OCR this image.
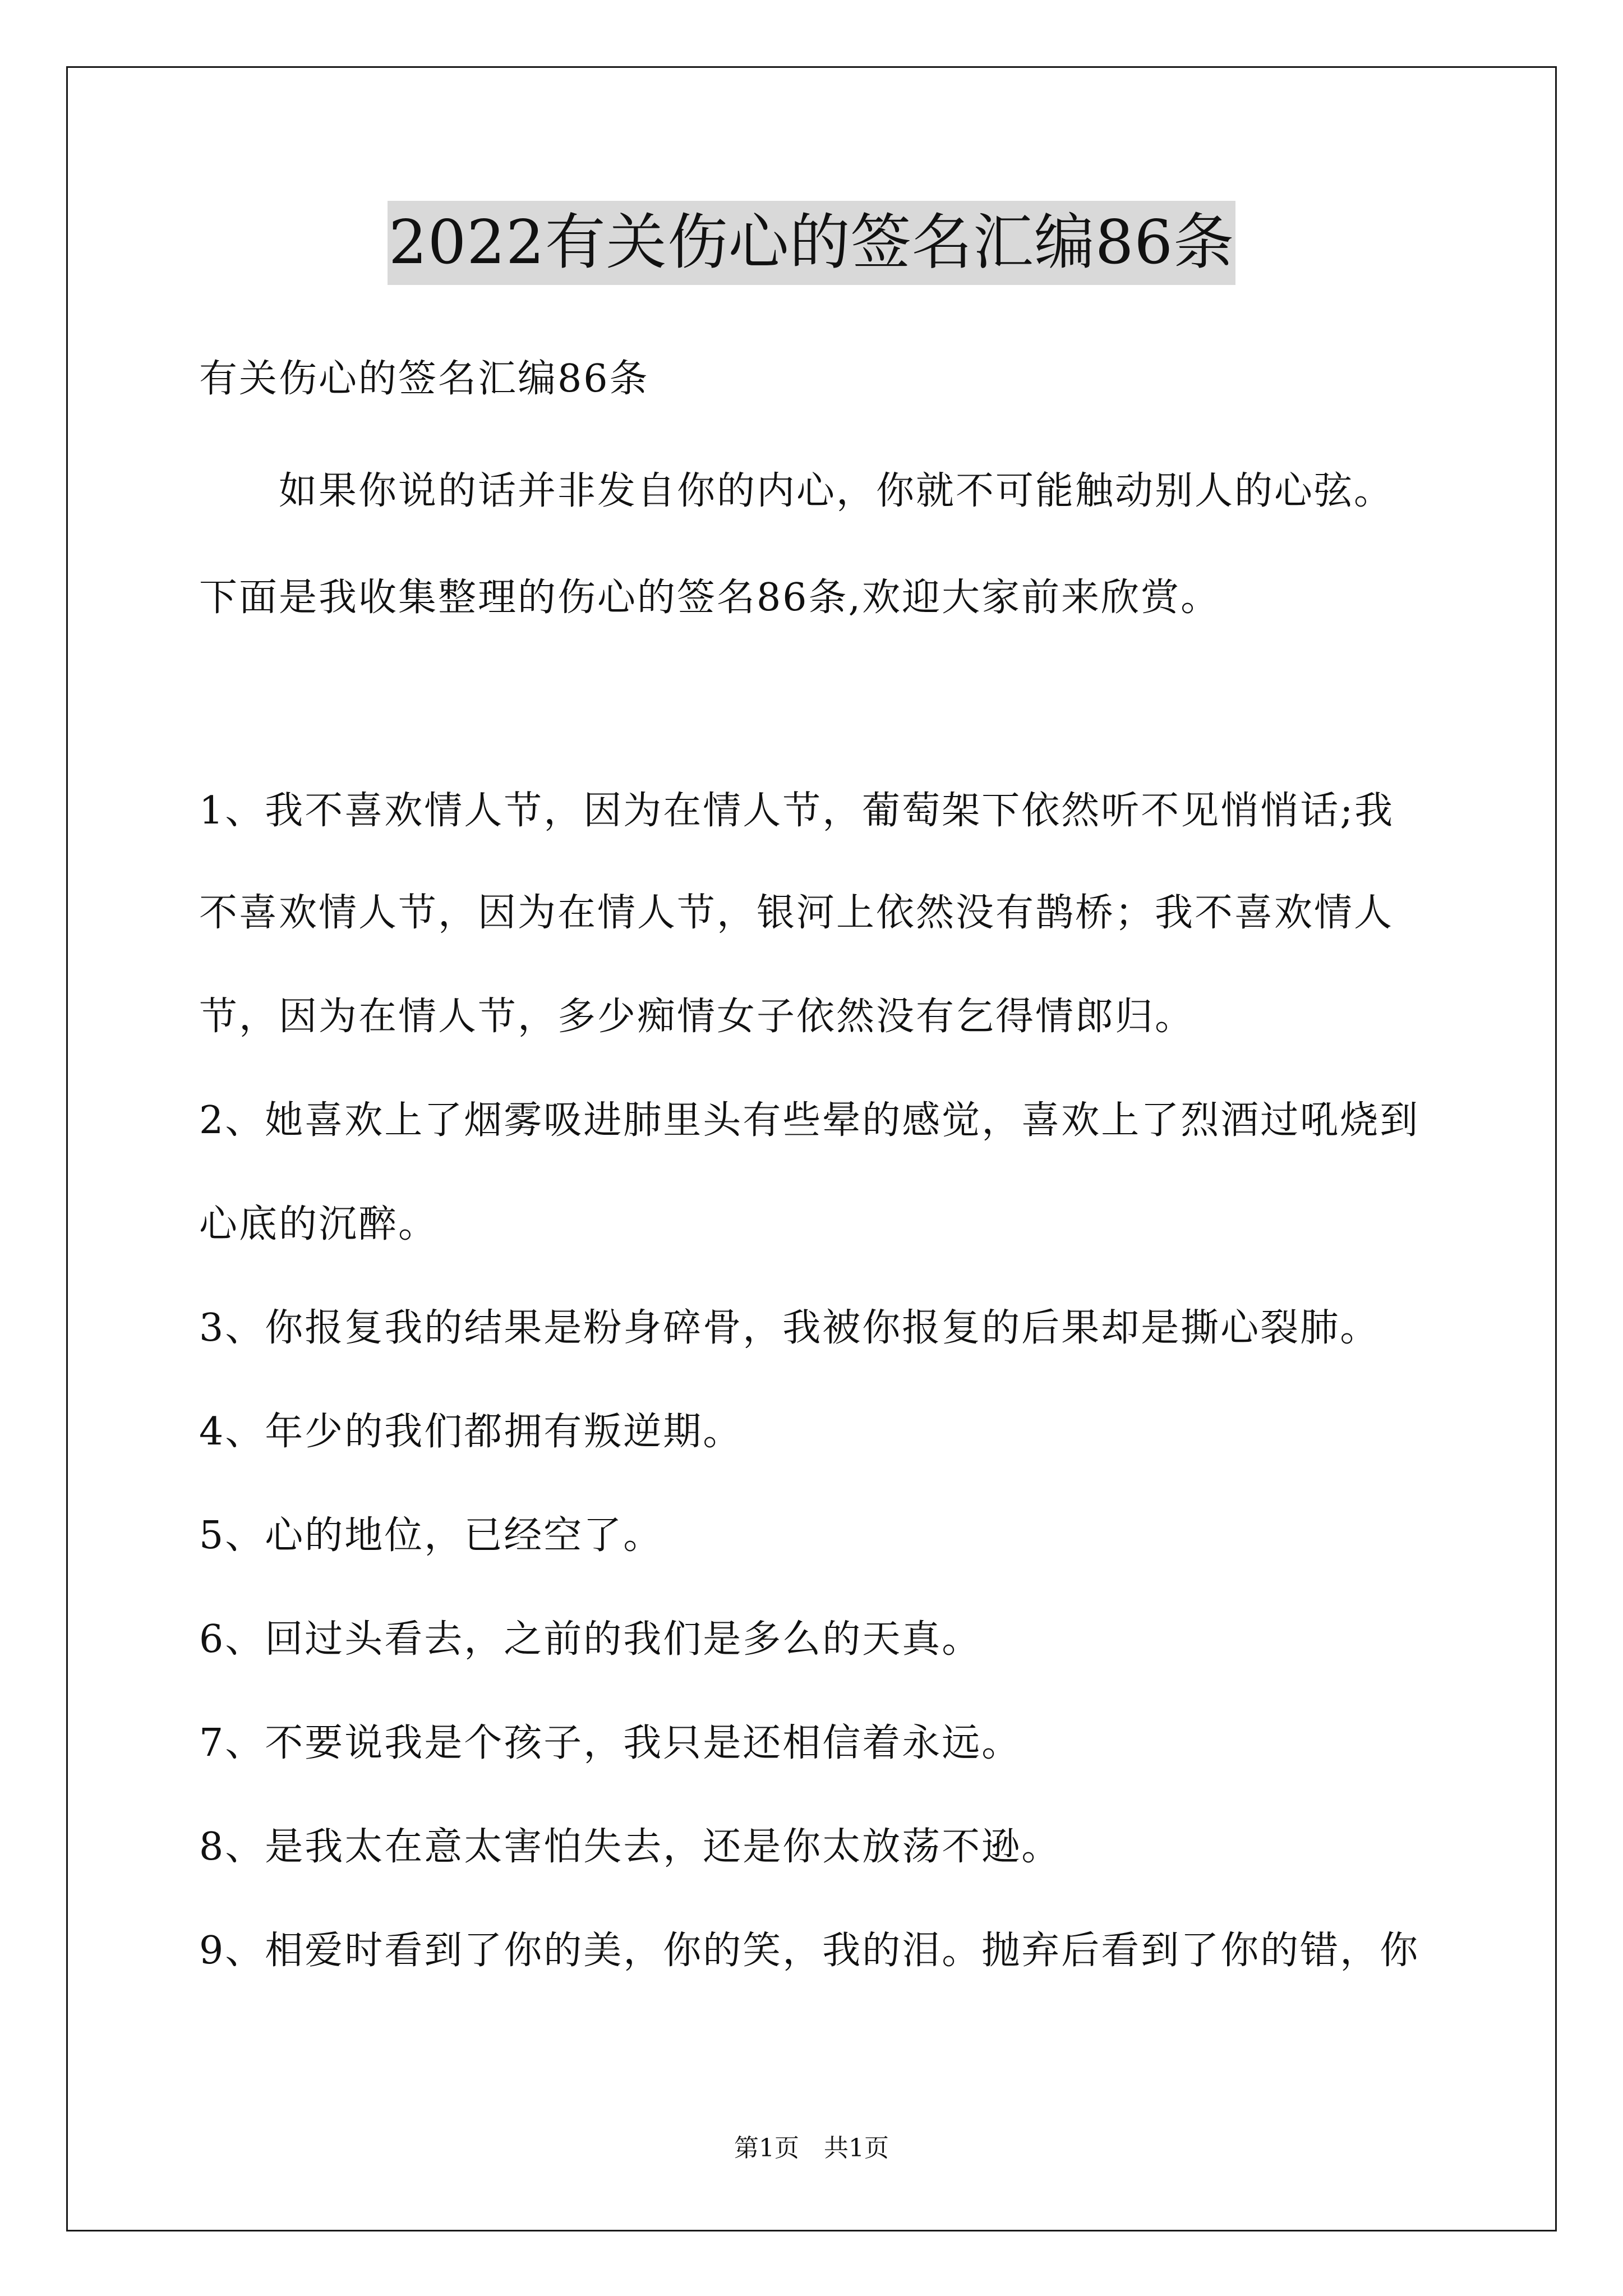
2022有关伤心的签名汇编86条
有关伤心的签名汇编86条
　　如果你说的话并非发自你的内心，你就不可能触动别人的心弦。
下面是我收集整理的伤心的签名86条,欢迎大家前来欣赏。
1、我不喜欢情人节，因为在情人节，葡萄架下依然听不见悄悄话;我
不喜欢情人节，因为在情人节，银河上依然没有鹊桥；我不喜欢情人
节，因为在情人节，多少痴情女子依然没有乞得情郎归。
2、她喜欢上了烟雾吸进肺里头有些晕的感觉，喜欢上了烈酒过吼烧到
心底的沉醉。
3、你报复我的结果是粉身碎骨，我被你报复的后果却是撕心裂肺。
4、年少的我们都拥有叛逆期。
5、心的地位，已经空了。
6、回过头看去，之前的我们是多么的天真。
7、不要说我是个孩子，我只是还相信着永远。
8、是我太在意太害怕失去，还是你太放荡不逊。
9、相爱时看到了你的美，你的笑，我的泪。抛弃后看到了你的错，你
第1页　共1页
